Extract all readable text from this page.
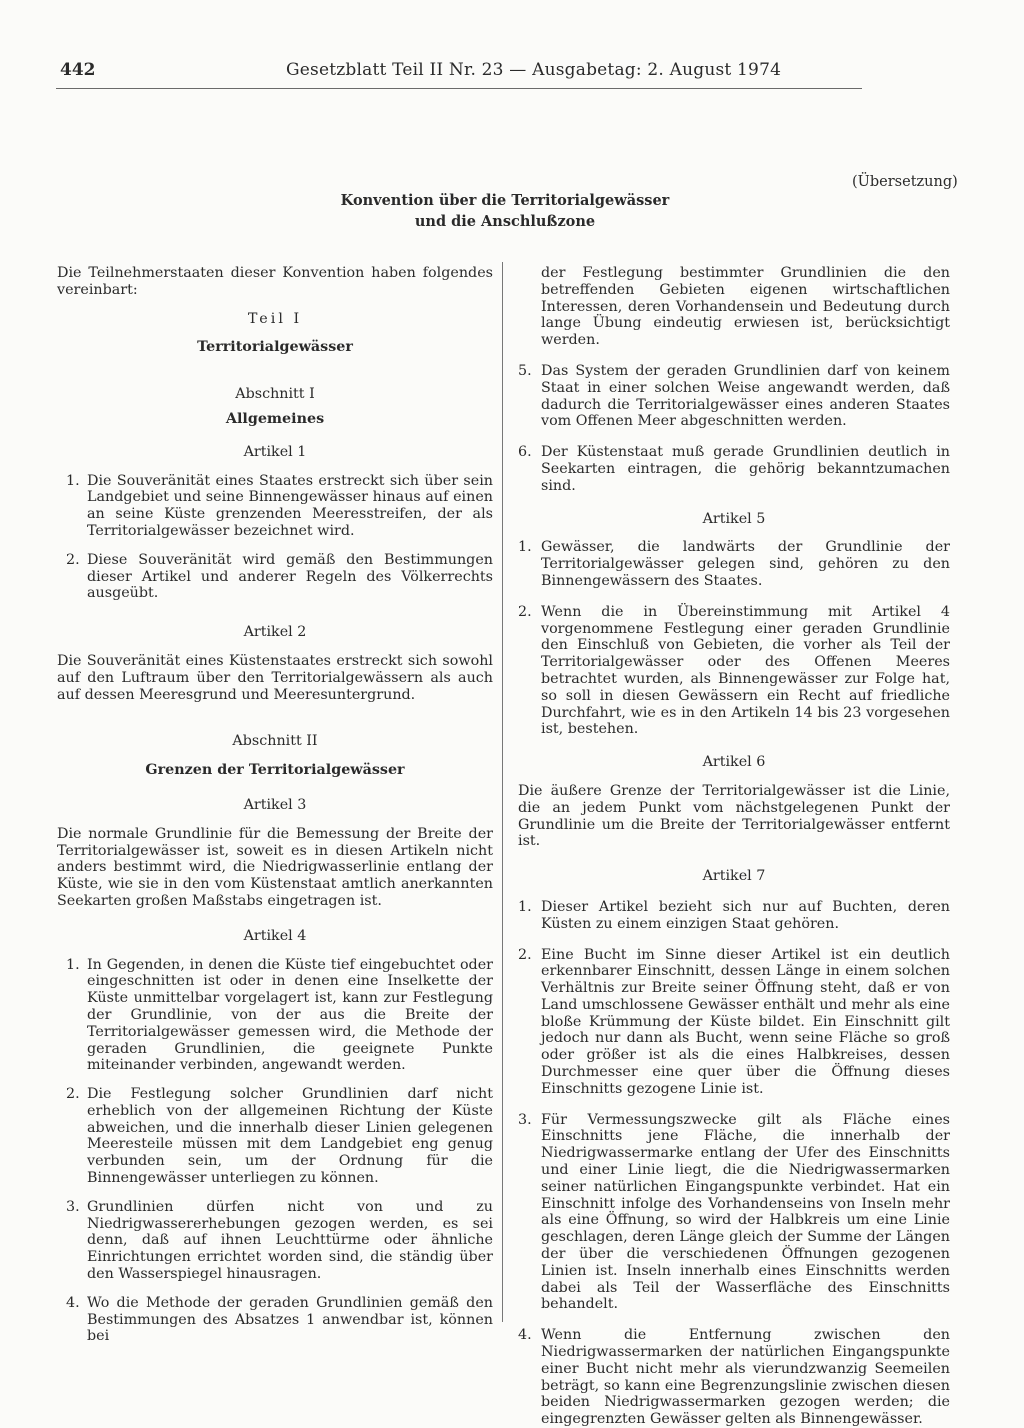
442	Gesetzblatt Teil II Nr. 23 — Ausgabetag: 2. August 1974
(Übersetzung)
Konvention über die Territorialgewässer
und die Anschlußzone

Die Teilnehmerstaaten dieser Konvention haben folgendes vereinbart:

Teil I

Territorialgewässer

Abschnitt I

Allgemeines

Artikel 1

1. Die Souveränität eines Staates erstreckt sich über sein Landgebiet und seine Binnengewässer hinaus auf einen an seine Küste grenzenden Meeresstreifen, der als Territorialgewässer bezeichnet wird.
2. Diese Souveränität wird gemäß den Bestimmungen dieser Artikel und anderer Regeln des Völkerrechts ausgeübt.

Artikel 2

Die Souveränität eines Küstenstaates erstreckt sich sowohl auf den Luftraum über den Territorialgewässern als auch auf dessen Meeresgrund und Meeresuntergrund.

Abschnitt II

Grenzen der Territorialgewässer

Artikel 3

Die normale Grundlinie für die Bemessung der Breite der Territorialgewässer ist, soweit es in diesen Artikeln nicht anders bestimmt wird, die Niedrigwasserlinie entlang der Küste, wie sie in den vom Küstenstaat amtlich anerkannten Seekarten großen Maßstabs eingetragen ist.

Artikel 4

1. In Gegenden, in denen die Küste tief eingebuchtet oder eingeschnitten ist oder in denen eine Inselkette der Küste unmittelbar vorgelagert ist, kann zur Festlegung der Grundlinie, von der aus die Breite der Territorialgewässer gemessen wird, die Methode der geraden Grundlinien, die geeignete Punkte miteinander verbinden, angewandt werden.
2. Die Festlegung solcher Grundlinien darf nicht erheblich von der allgemeinen Richtung der Küste abweichen, und die innerhalb dieser Linien gelegenen Meeresteile müssen mit dem Landgebiet eng genug verbunden sein, um der Ordnung für die Binnengewässer unterliegen zu können.
3. Grundlinien dürfen nicht von und zu Niedrigwassererhebungen gezogen werden, es sei denn, daß auf ihnen Leuchttürme oder ähnliche Einrichtungen errichtet worden sind, die ständig über den Wasserspiegel hinausragen.
4. Wo die Methode der geraden Grundlinien gemäß den Bestimmungen des Absatzes 1 anwendbar ist, können bei

der Festlegung bestimmter Grundlinien die den betreffenden Gebieten eigenen wirtschaftlichen Interessen, deren Vorhandensein und Bedeutung durch lange Übung eindeutig erwiesen ist, berücksichtigt werden.

5. Das System der geraden Grundlinien darf von keinem Staat in einer solchen Weise angewandt werden, daß dadurch die Territorialgewässer eines anderen Staates vom Offenen Meer abgeschnitten werden.
6. Der Küstenstaat muß gerade Grundlinien deutlich in Seekarten eintragen, die gehörig bekanntzumachen sind.

Artikel 5

1. Gewässer, die landwärts der Grundlinie der Territorialgewässer gelegen sind, gehören zu den Binnengewässern des Staates.
2. Wenn die in Übereinstimmung mit Artikel 4 vorgenommene Festlegung einer geraden Grundlinie den Einschluß von Gebieten, die vorher als Teil der Territorialgewässer oder des Offenen Meeres betrachtet wurden, als Binnengewässer zur Folge hat, so soll in diesen Gewässern ein Recht auf friedliche Durchfahrt, wie es in den Artikeln 14 bis 23 vorgesehen ist, bestehen.

Artikel 6

Die äußere Grenze der Territorialgewässer ist die Linie, die an jedem Punkt vom nächstgelegenen Punkt der Grundlinie um die Breite der Territorialgewässer entfernt ist.

Artikel 7

1. Dieser Artikel bezieht sich nur auf Buchten, deren Küsten zu einem einzigen Staat gehören.
2. Eine Bucht im Sinne dieser Artikel ist ein deutlich erkennbarer Einschnitt, dessen Länge in einem solchen Verhältnis zur Breite seiner Öffnung steht, daß er von Land umschlossene Gewässer enthält und mehr als eine bloße Krümmung der Küste bildet. Ein Einschnitt gilt jedoch nur dann als Bucht, wenn seine Fläche so groß oder größer ist als die eines Halbkreises, dessen Durchmesser eine quer über die Öffnung dieses Einschnitts gezogene Linie ist.
3. Für Vermessungszwecke gilt als Fläche eines Einschnitts jene Fläche, die innerhalb der Niedrigwassermarke entlang der Ufer des Einschnitts und einer Linie liegt, die die Niedrigwassermarken seiner natürlichen Eingangspunkte verbindet. Hat ein Einschnitt infolge des Vorhandenseins von Inseln mehr als eine Öffnung, so wird der Halbkreis um eine Linie geschlagen, deren Länge gleich der Summe der Längen der über die verschiedenen Öffnungen gezogenen Linien ist. Inseln innerhalb eines Einschnitts werden dabei als Teil der Wasserfläche des Einschnitts behandelt.
4. Wenn die Entfernung zwischen den Niedrigwassermarken der natürlichen Eingangspunkte einer Bucht nicht mehr als vierundzwanzig Seemeilen beträgt, so kann eine Begrenzungslinie zwischen diesen beiden Niedrigwassermarken gezogen werden; die eingegrenzten Gewässer gelten als Binnengewässer.
